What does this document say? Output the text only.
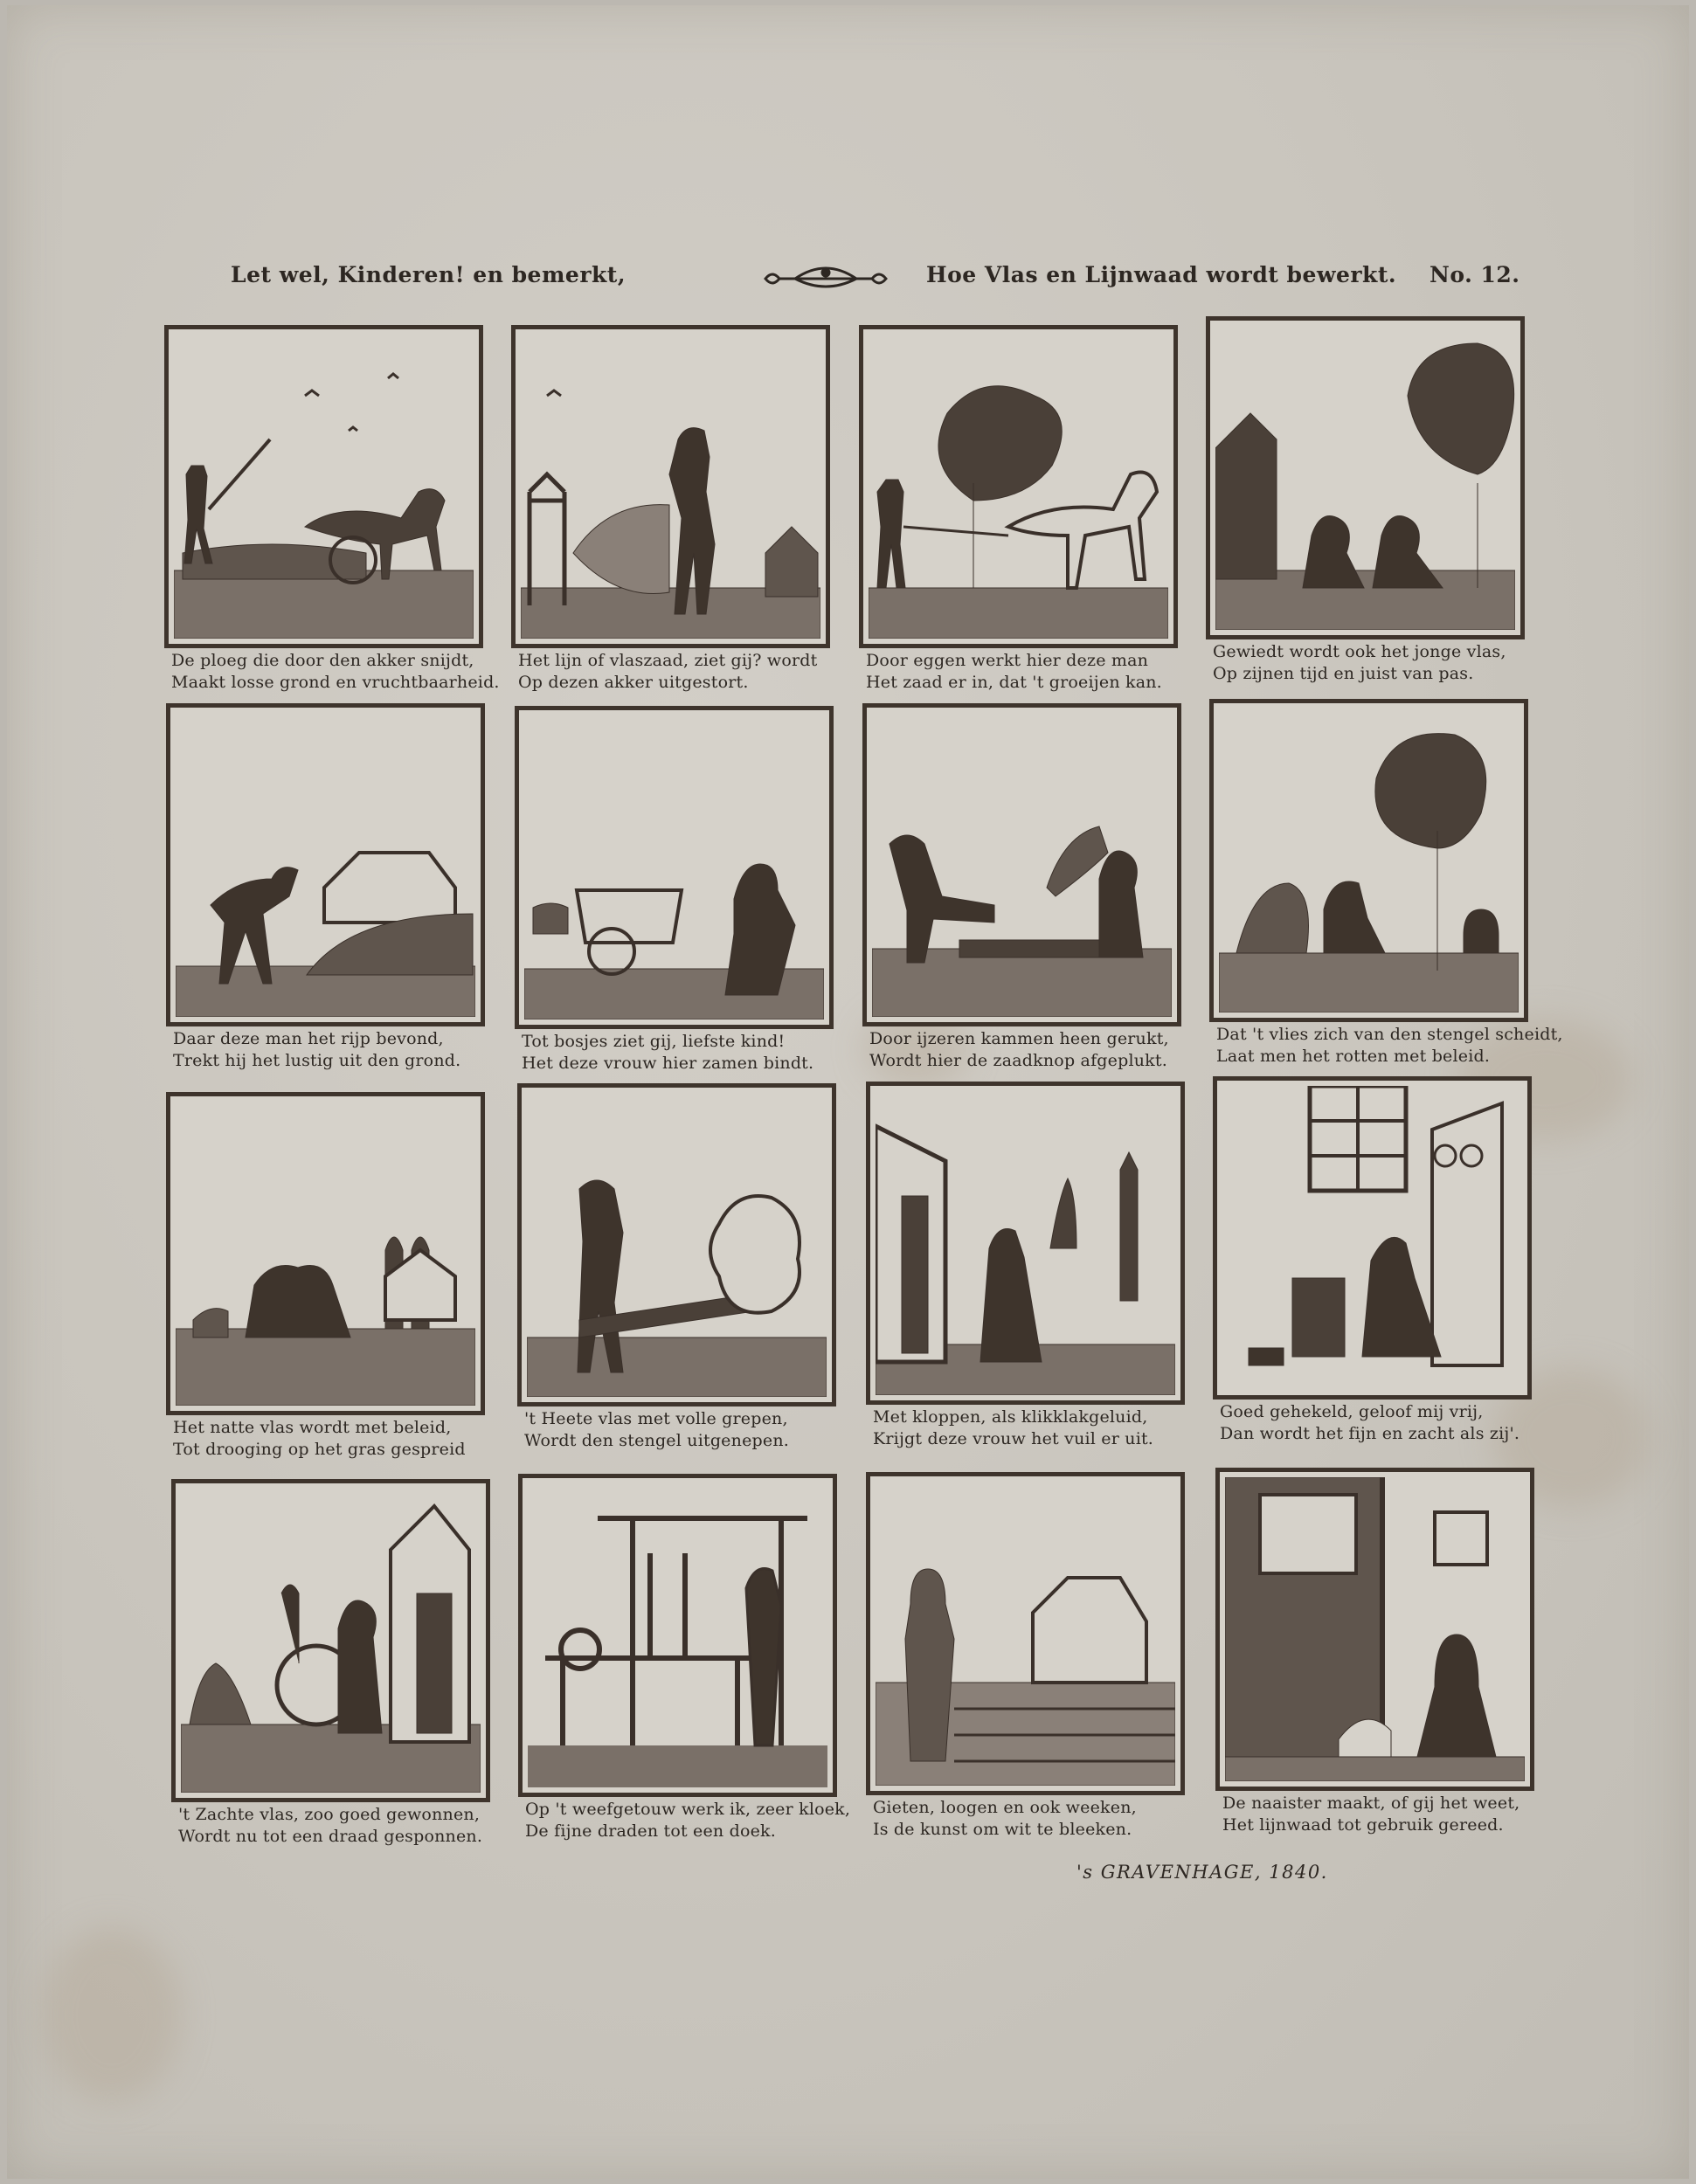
Let wel, Kinderen! en bemerkt,	Hoe Vlas en Lijnwaad wordt bewerkt. No. 12.
De ploeg die door den akker snijdt,
Maakt losse grond en vruchtbaarheid.
Het lijn of vlaszaad, ziet gij? wordt
Op dezen akker uitgestort.
Door eggen werkt hier deze man
Het zaad er in, dat 't groeijen kan.
Gewiedt wordt ook het jonge vlas,
Op zijnen tijd en juist van pas.
Daar deze man het rijp bevond,
Trekt hij het lustig uit den grond.
Tot bosjes ziet gij, liefste kind!
Het deze vrouw hier zamen bindt.
Door ijzeren kammen heen gerukt,
Wordt hier de zaadknop afgeplukt.
Dat 't vlies zich van den stengel scheidt,
Laat men het rotten met beleid.
Het natte vlas wordt met beleid,
Tot drooging op het gras gespreid
't Heete vlas met volle grepen,
Wordt den stengel uitgenepen.
Met kloppen, als klikklakgeluid,
Krijgt deze vrouw het vuil er uit.
Goed gehekeld, geloof mij vrij,
Dan wordt het fijn en zacht als zij'.
't Zachte vlas, zoo goed gewonnen,
Wordt nu tot een draad gesponnen.
Op 't weefgetouw werk ik, zeer kloek,
De fijne draden tot een doek.
Gieten, loogen en ook weeken,
Is de kunst om wit te bleeken.
De naaister maakt, of gij het weet,
Het lijnwaad tot gebruik gereed.
's GRAVENHAGE, 1840.
